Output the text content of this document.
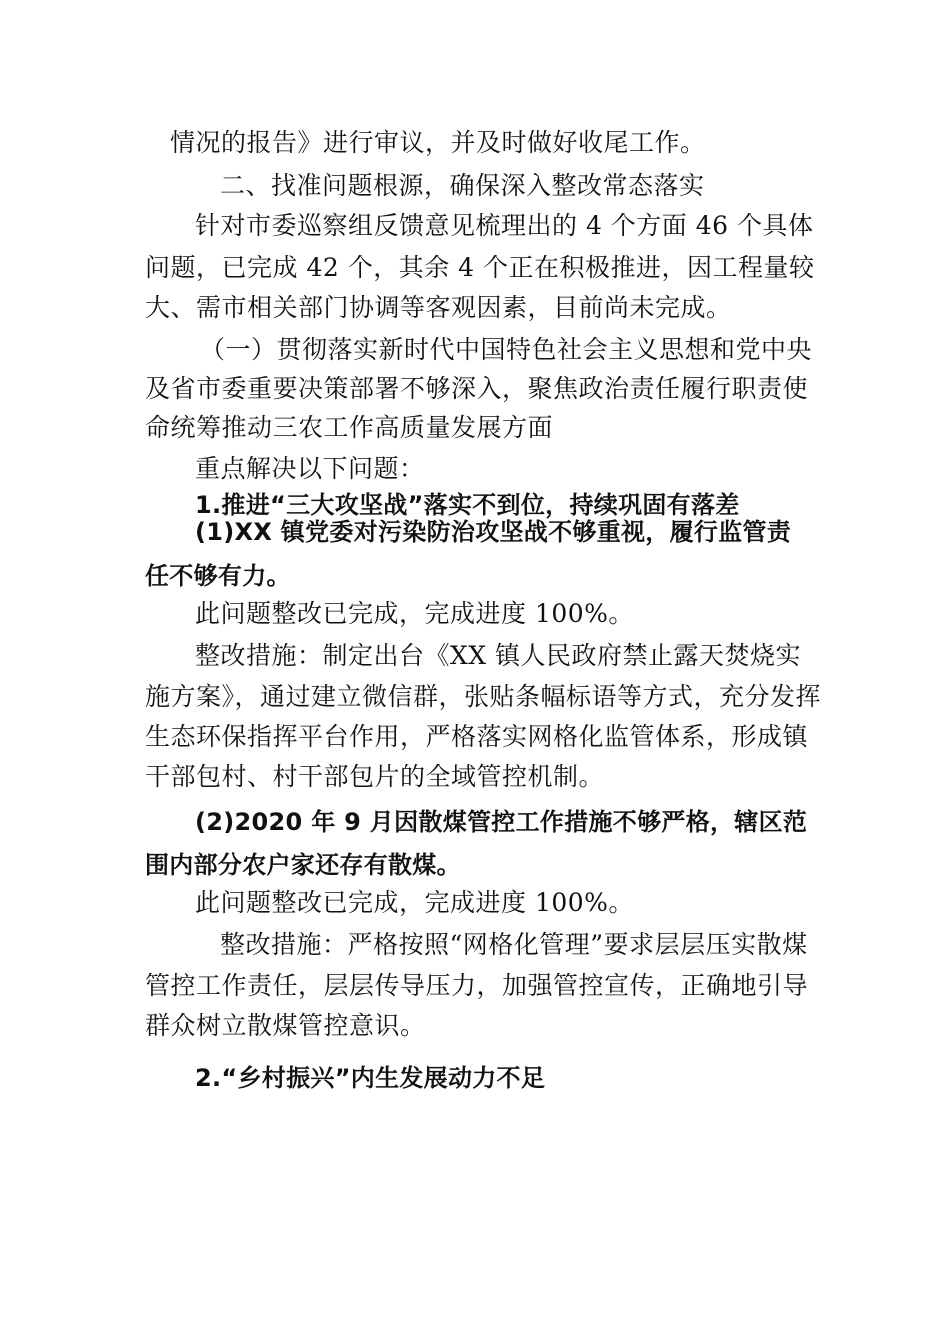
情况的报告》进行审议，并及时做好收尾工作。
二、找准问题根源，确保深入整改常态落实
针对市委巡察组反馈意见梳理出的 4 个方面 46 个具体
问题，已完成 42 个，其余 4 个正在积极推进，因工程量较
大、需市相关部门协调等客观因素，目前尚未完成。
（一）贯彻落实新时代中国特色社会主义思想和党中央
及省市委重要决策部署不够深入，聚焦政治责任履行职责使
命统筹推动三农工作高质量发展方面
重点解决以下问题：
1.推进“三大攻坚战”落实不到位，持续巩固有落差
(1)XX 镇党委对污染防治攻坚战不够重视，履行监管责
任不够有力。
此问题整改已完成，完成进度 100%。
整改措施：制定出台《XX 镇人民政府禁止露天焚烧实
施方案》，通过建立微信群，张贴条幅标语等方式，充分发挥
生态环保指挥平台作用，严格落实网格化监管体系，形成镇
干部包村、村干部包片的全域管控机制。
(2)2020 年 9 月因散煤管控工作措施不够严格，辖区范
围内部分农户家还存有散煤。
此问题整改已完成，完成进度 100%。
整改措施：严格按照“网格化管理”要求层层压实散煤
管控工作责任，层层传导压力，加强管控宣传，正确地引导
群众树立散煤管控意识。
2.“乡村振兴”内生发展动力不足
